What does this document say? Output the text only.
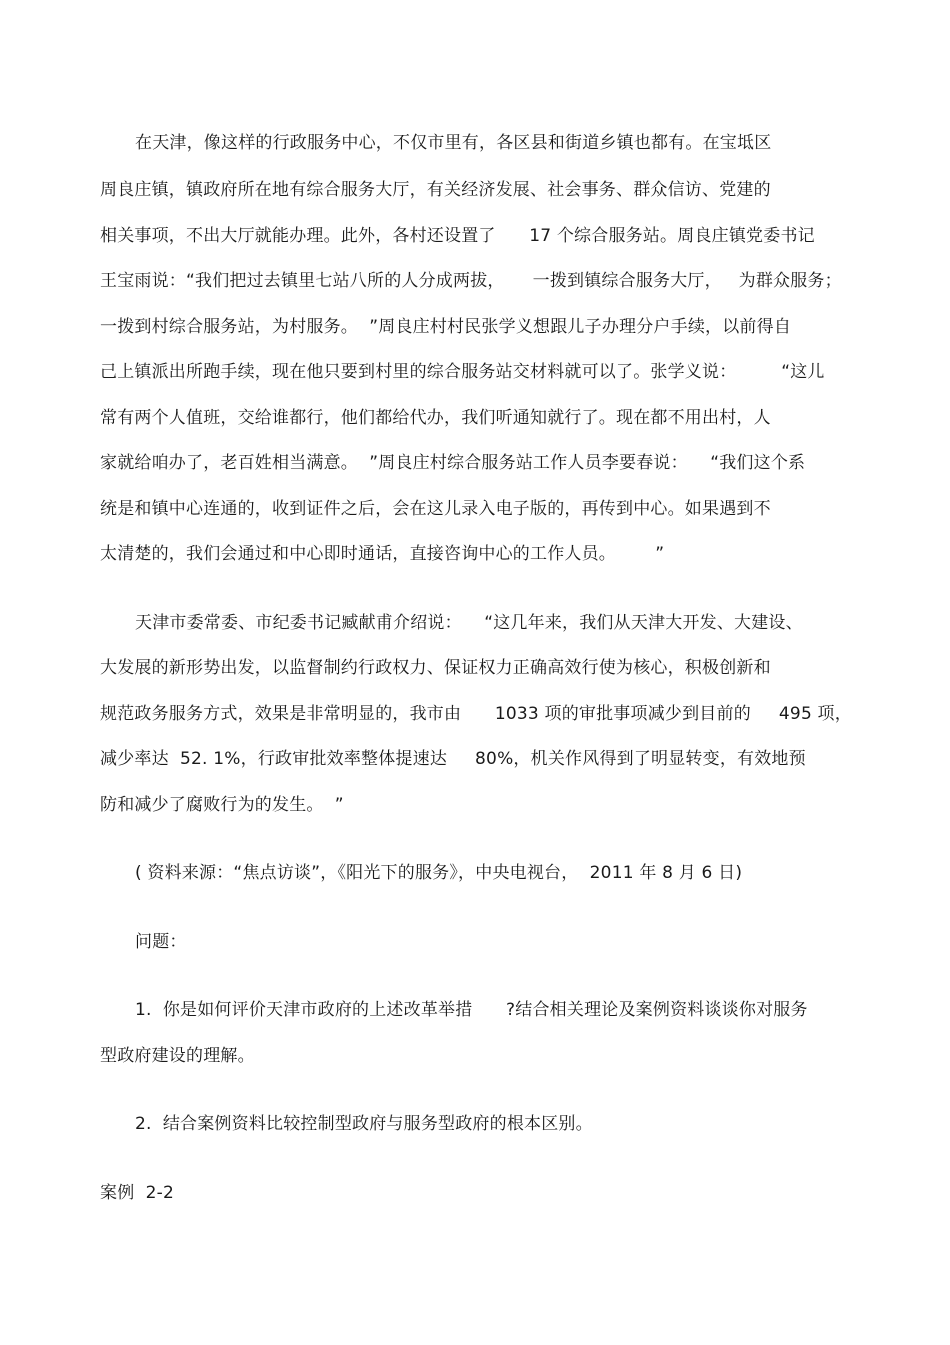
在天津，像这样的行政服务中心，不仅市里有，各区县和街道乡镇也都有。在宝坻区
周良庄镇，镇政府所在地有综合服务大厅，有关经济发展、社会事务、群众信访、党建的
相关事项，不出大厅就能办理。此外，各村还设置了      17 个综合服务站。周良庄镇党委书记
王宝雨说：“我们把过去镇里七站八所的人分成两拔，     一拨到镇综合服务大厅，   为群众服务；
一拨到村综合服务站，为村服务。  ”周良庄村村民张学义想跟儿子办理分户手续，以前得自
己上镇派出所跑手续，现在他只要到村里的综合服务站交材料就可以了。张学义说：        “这儿
常有两个人值班，交给谁都行，他们都给代办，我们听通知就行了。现在都不用出村，人
家就给咱办了，老百姓相当满意。  ”周良庄村综合服务站工作人员李要春说：    “我们这个系
统是和镇中心连通的，收到证件之后，会在这儿录入电子版的，再传到中心。如果遇到不
太清楚的，我们会通过和中心即时通话，直接咨询中心的工作人员。       ”
天津市委常委、市纪委书记臧献甫介绍说：    “这几年来，我们从天津大开发、大建设、
大发展的新形势出发，以监督制约行政权力、保证权力正确高效行使为核心，积极创新和
规范政务服务方式，效果是非常明显的，我市由      1033 项的审批事项减少到目前的     495 项，
减少率达  52. 1%，行政审批效率整体提速达     80%，机关作风得到了明显转变，有效地预
防和减少了腐败行为的发生。  ”
( 资料来源：“焦点访谈”，《阳光下的服务》，中央电视台，  2011 年 8 月 6 日)
问题：
1.  你是如何评价天津市政府的上述改革举措      ?结合相关理论及案例资料谈谈你对服务
型政府建设的理解。
2.  结合案例资料比较控制型政府与服务型政府的根本区别。
案例  2-2
